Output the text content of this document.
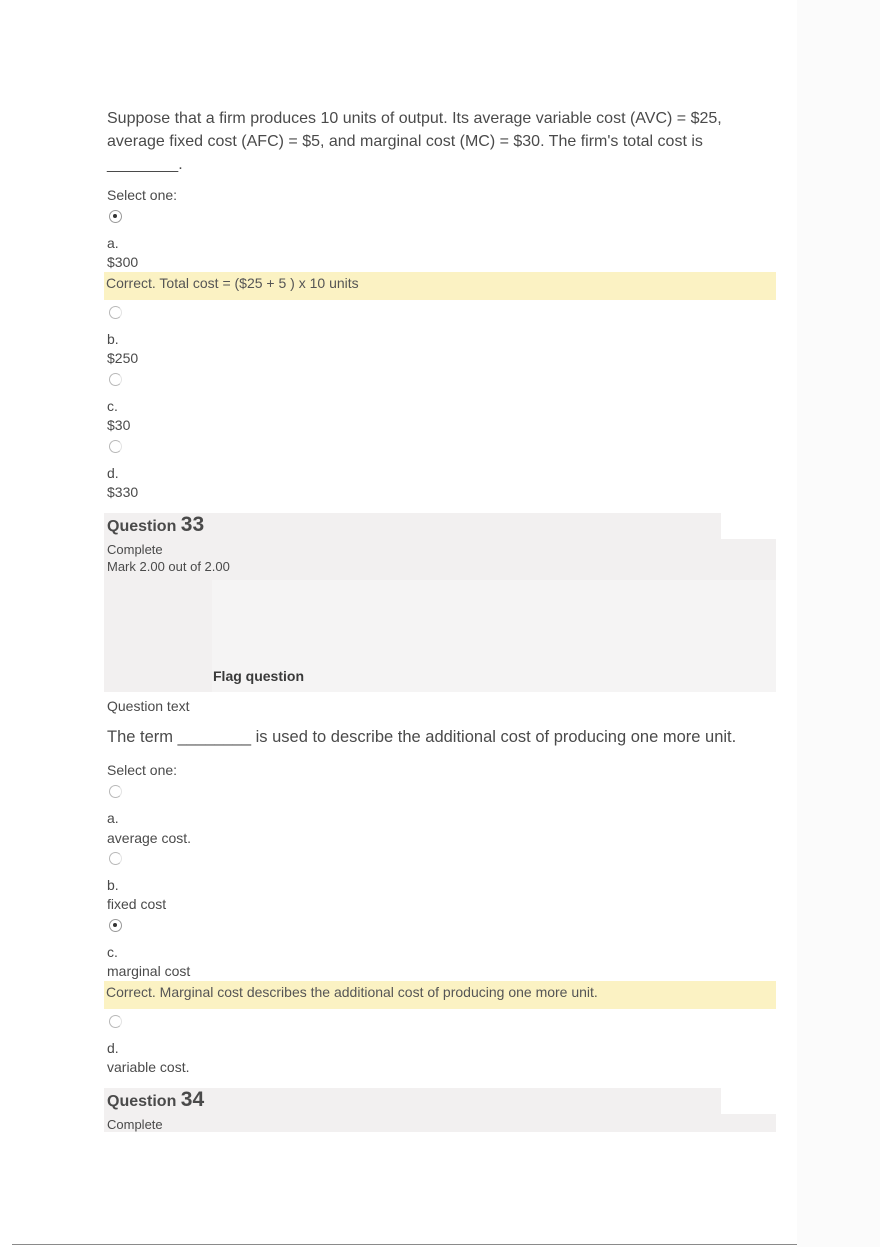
Suppose that a firm produces 10 units of output. Its average variable cost (AVC) = $25, average fixed cost (AFC) = $5, and marginal cost (MC) = $30. The firm's total cost is ________.
Select one:
a.
$300
Correct. Total cost = ($25 + 5 ) x 10 units
b.
$250
c.
$30
d.
$330
Question 33
Complete
Mark 2.00 out of 2.00
Flag question
Question text
The term ________ is used to describe the additional cost of producing one more unit.
Select one:
a.
average cost.
b.
fixed cost
c.
marginal cost
Correct. Marginal cost describes the additional cost of producing one more unit.
d.
variable cost.
Question 34
Complete
